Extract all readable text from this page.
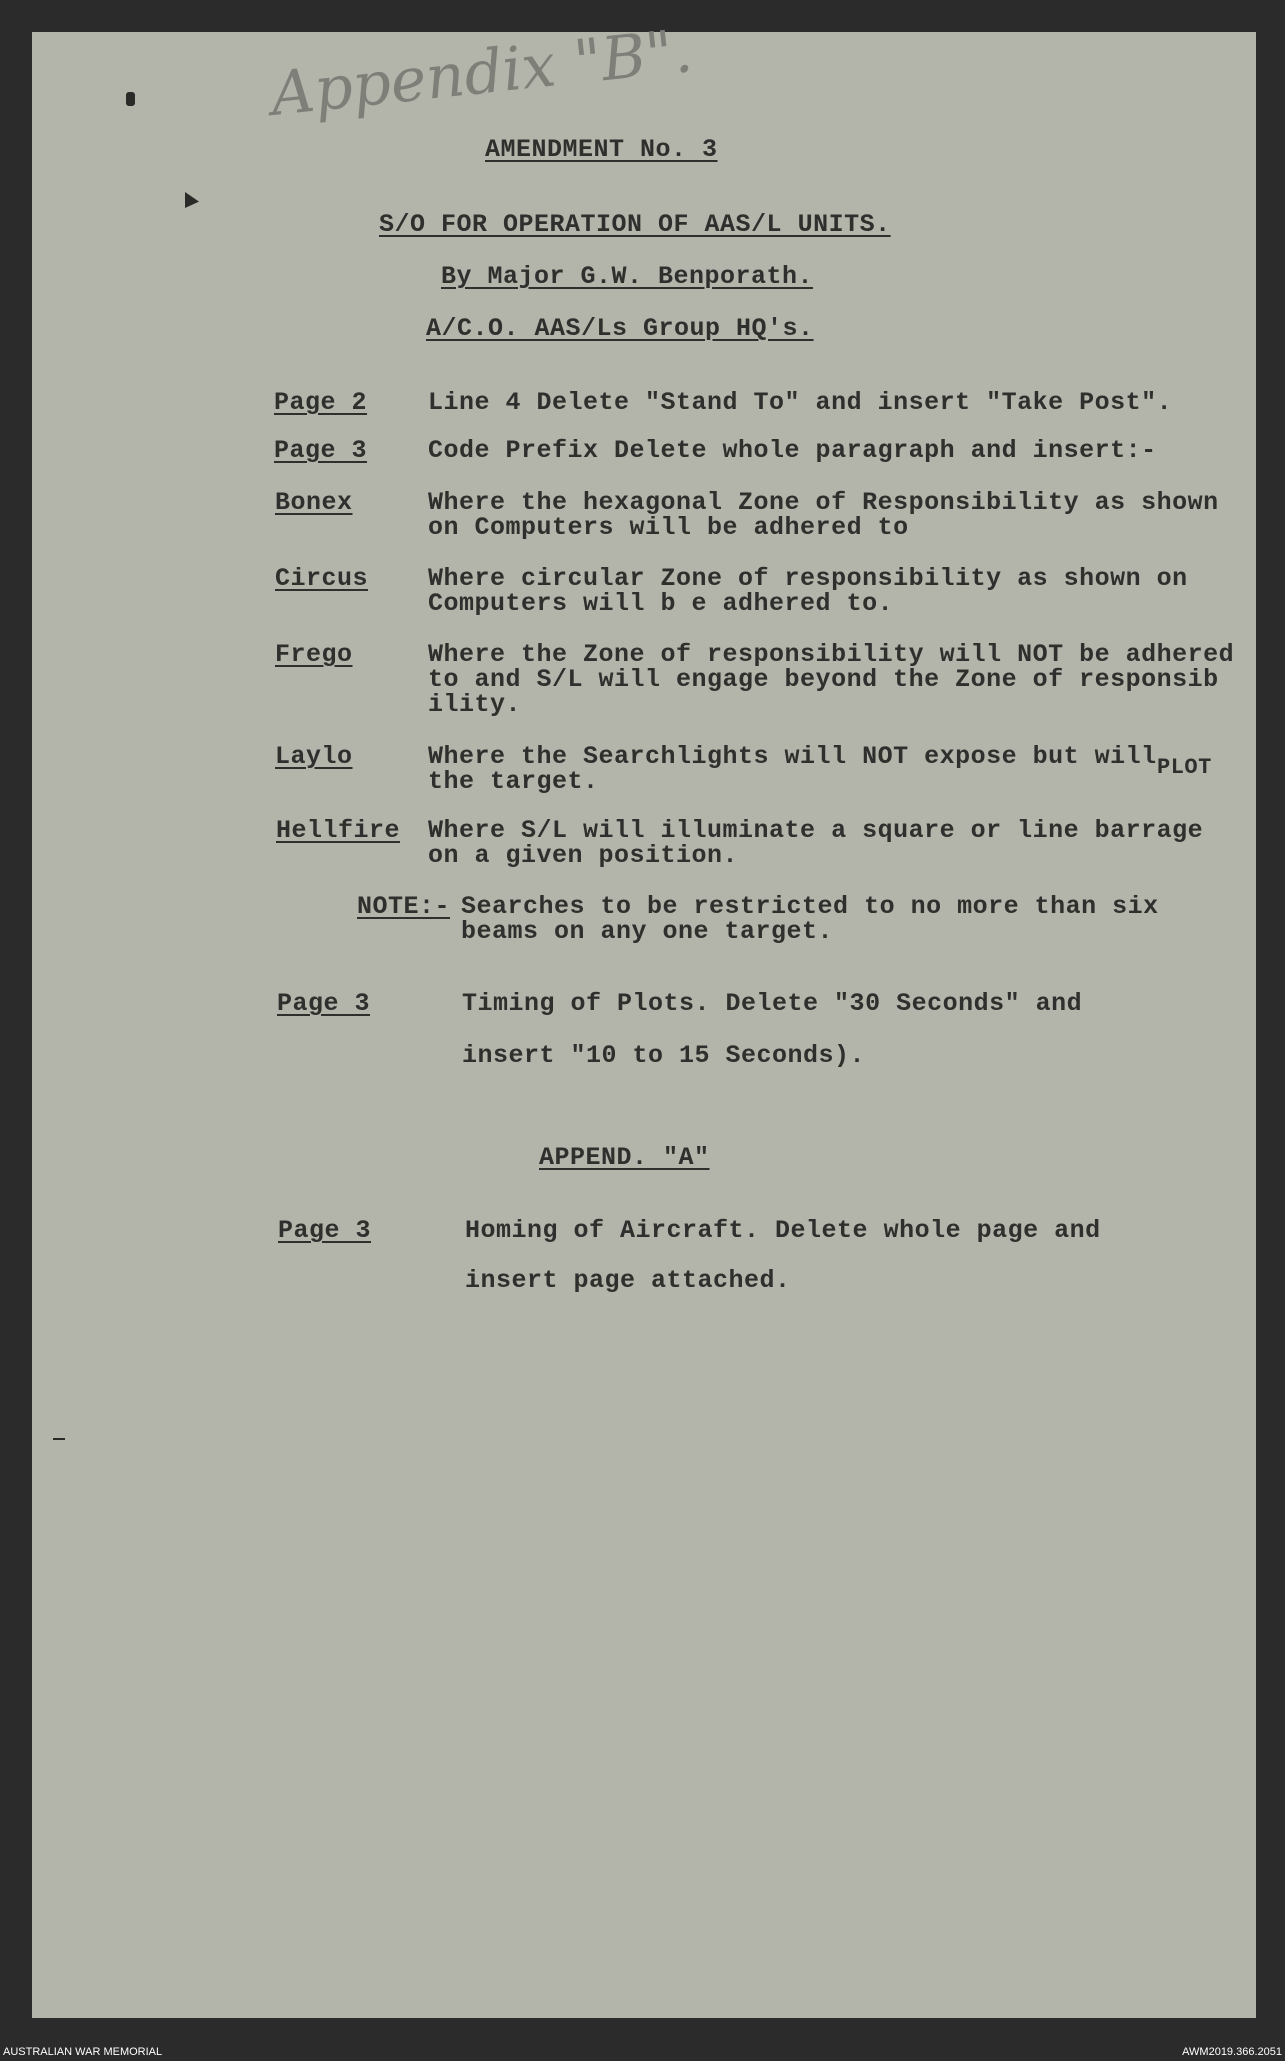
Appendix "B".
AMENDMENT No. 3
S/O FOR OPERATION OF AAS/L UNITS.
By Major G.W. Benporath.
A/C.O. AAS/Ls Group HQ's.
Page 2 Line 4 Delete "Stand To" and insert "Take Post".
Page 3 Code Prefix Delete whole paragraph and insert:-
Bonex	Where the hexagonal Zone of Responsibility as shown
on Computers will be adhered to
Circus Where circular Zone of responsibility as shown on
Computers will b e adhered to.
Frego	Where the Zone of responsibility will NOT be adhered
to and S/L will engage beyond the Zone of responsib
ility.
Laylo	Where the Searchlights will NOT expose but will
the target.	PLOT
Hellfire Where S/L will illuminate a square or line barrage
on a given position.
NOTE:- Searches to be restricted to no more than six
beams on any one target.
Page 3	Timing of Plots. Delete "30 Seconds" and
insert "10 to 15 Seconds).
APPEND. "A"
Page 3	Homing of Aircraft. Delete whole page and
insert page attached.
AUSTRALIAN WAR MEMORIAL	AWM2019.366.2051
